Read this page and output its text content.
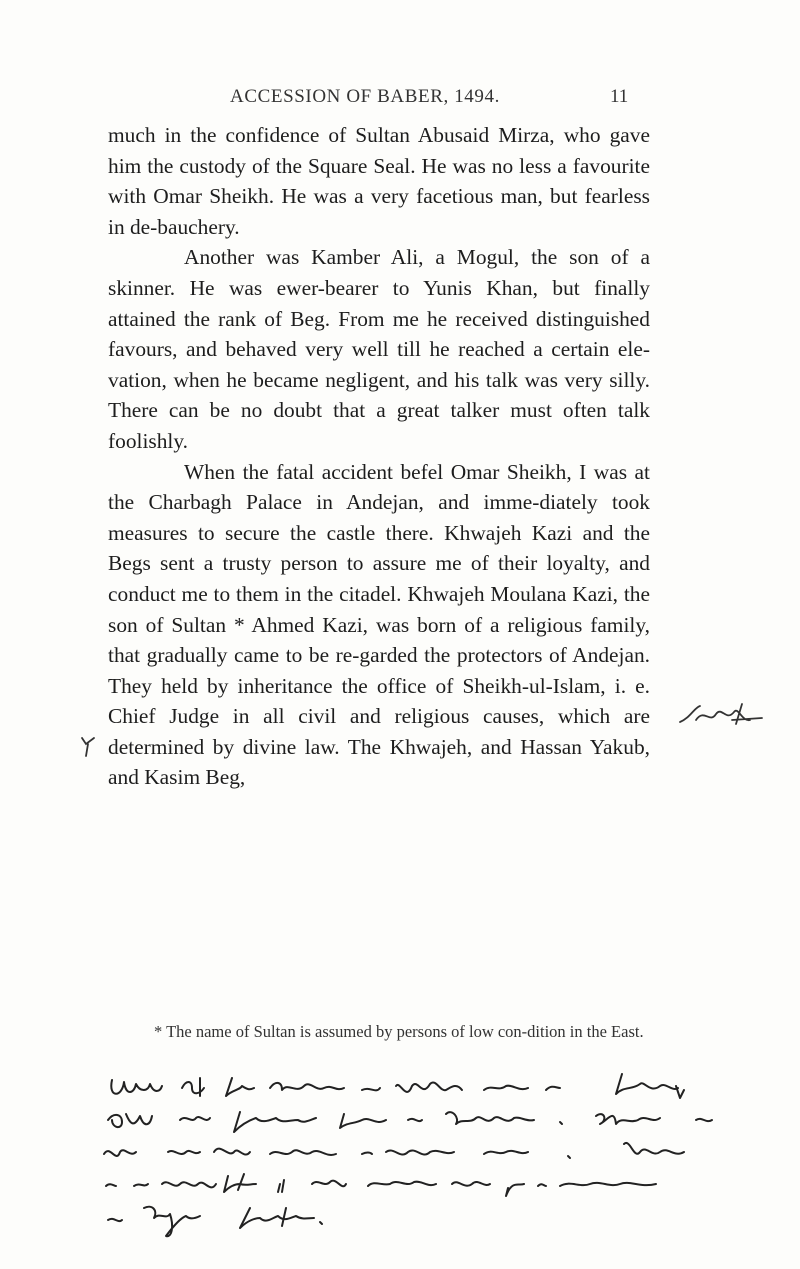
ACCESSION OF BABER, 1494.	11

much in the confidence of Sultan Abusaid Mirza, who gave him the custody of the Square Seal. He was no less a favourite with Omar Sheikh. He was a very facetious man, but fearless in de-bauchery.

Another was Kamber Ali, a Mogul, the son of a skinner. He was ewer-bearer to Yunis Khan, but finally attained the rank of Beg. From me he received distinguished favours, and behaved very well till he reached a certain ele-vation, when he became negligent, and his talk was very silly. There can be no doubt that a great talker must often talk foolishly.

When the fatal accident befel Omar Sheikh, I was at the Charbagh Palace in Andejan, and imme-diately took measures to secure the castle there. Khwajeh Kazi and the Begs sent a trusty person to assure me of their loyalty, and conduct me to them in the citadel. Khwajeh Moulana Kazi, the son of Sultan * Ahmed Kazi, was born of a religious family, that gradually came to be re-garded the protectors of Andejan. They held by inheritance the office of Sheikh-ul-Islam, i. e. Chief Judge in all civil and religious causes, which are determined by divine law. The Khwajeh, and Hassan Yakub, and Kasim Beg,

* The name of Sultan is assumed by persons of low con-dition in the East.
